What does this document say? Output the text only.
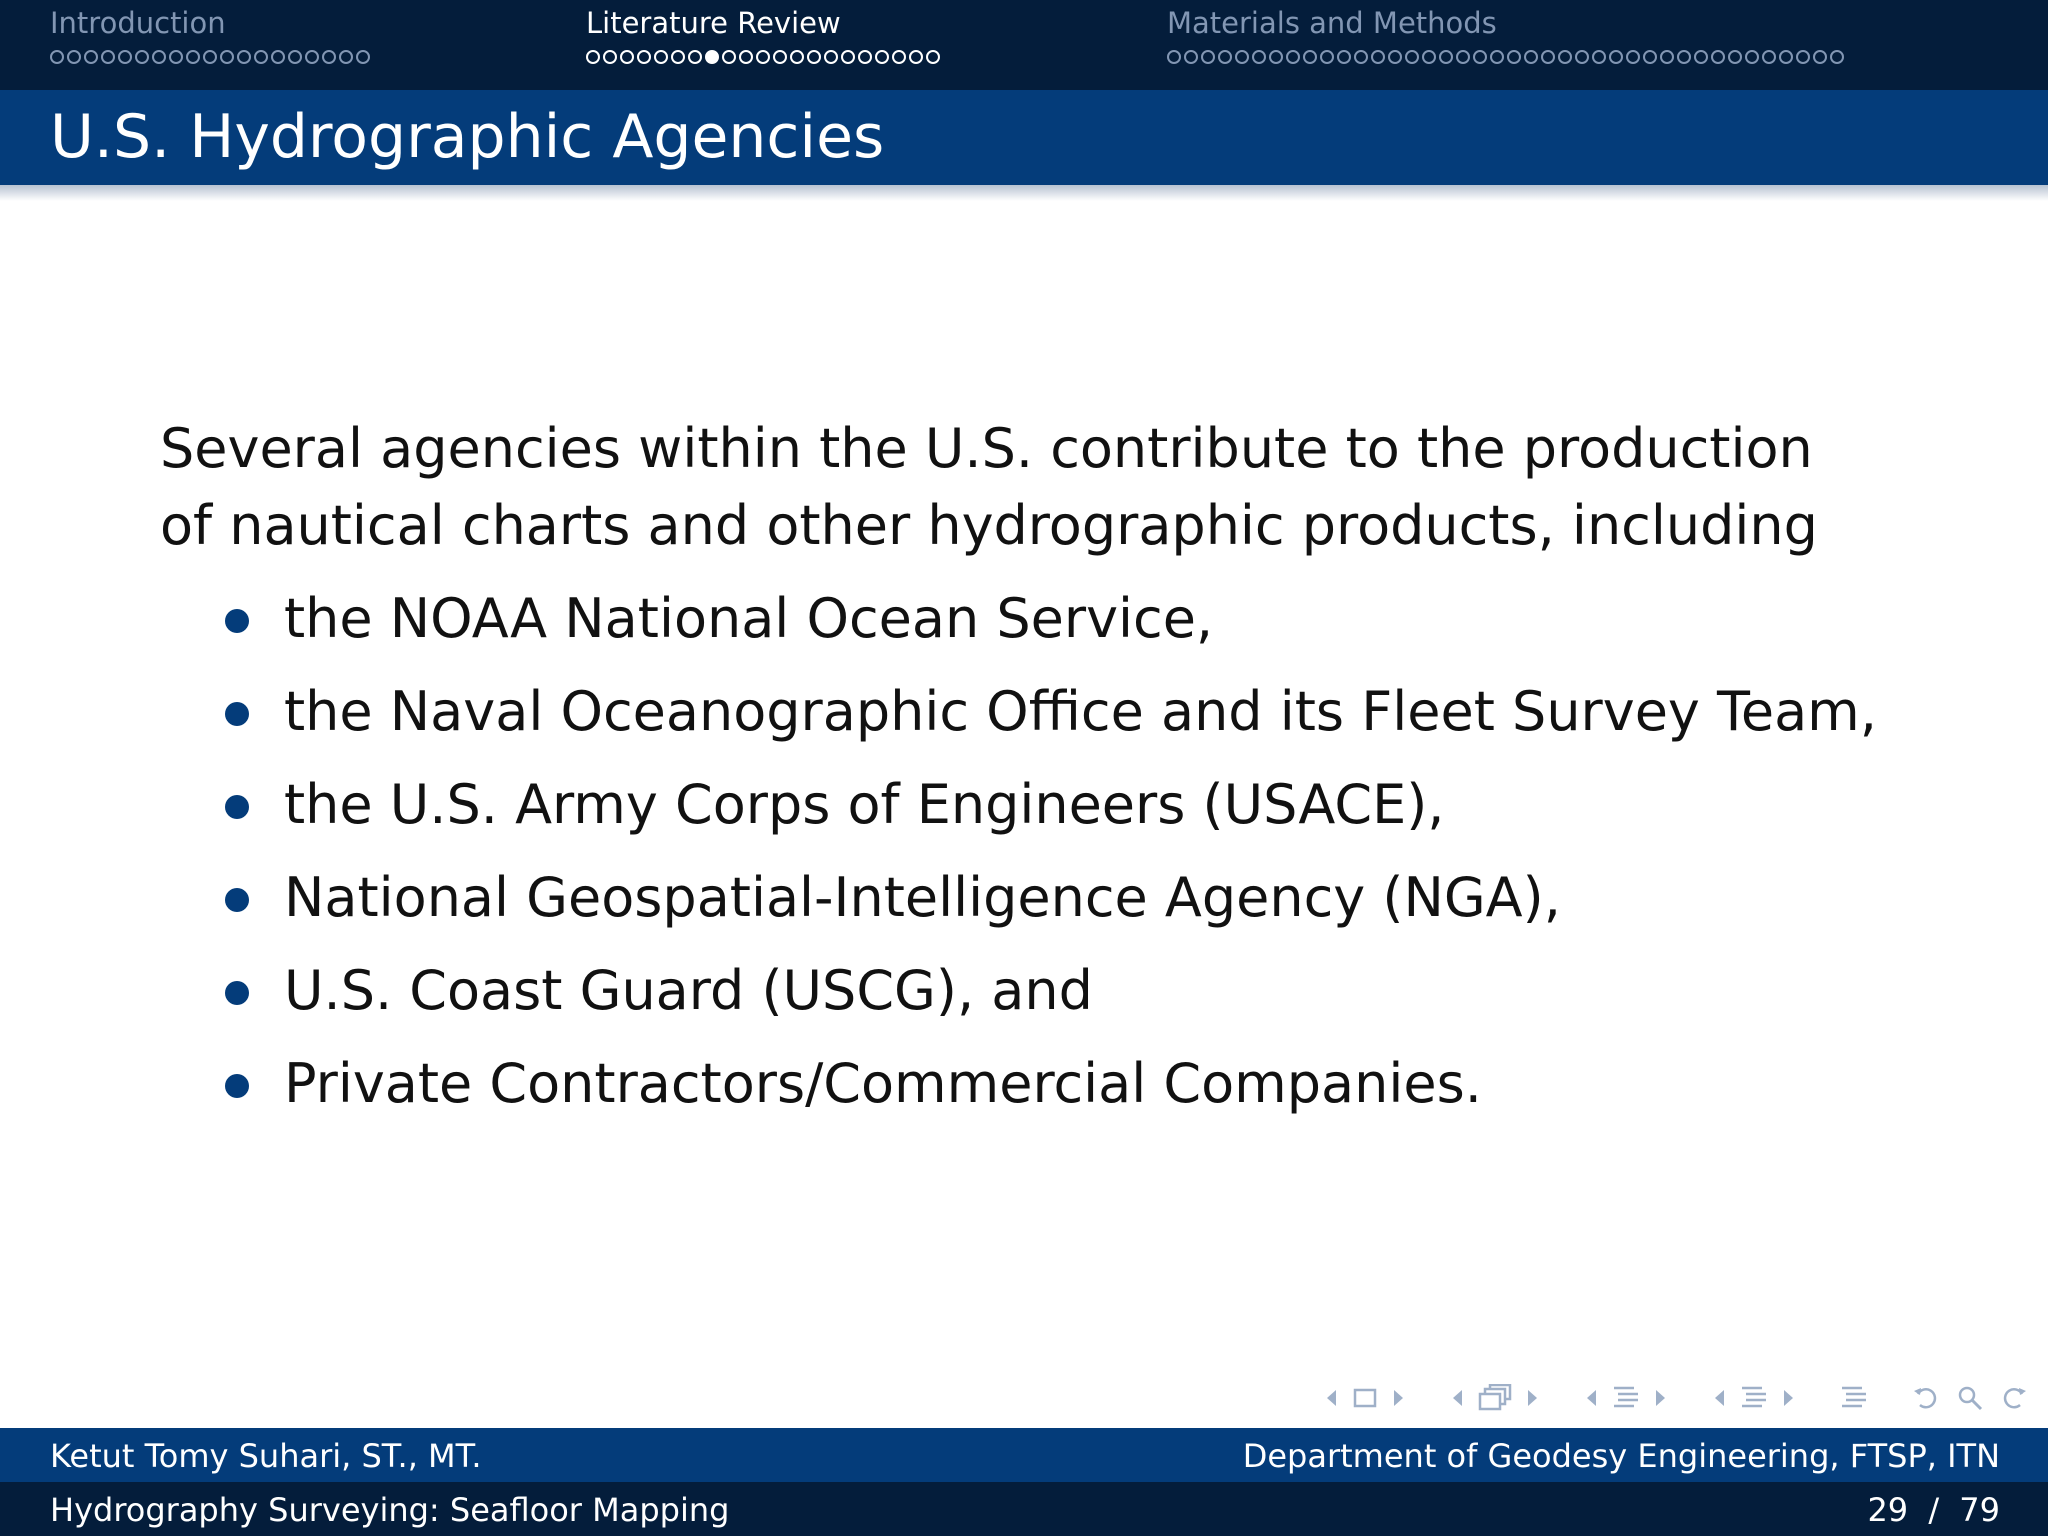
Introduction	Literature Review	Materials and Methods
U.S. Hydrographic Agencies

Several agencies within the U.S. contribute to the production of nautical charts and other hydrographic products, including

the NOAA National Ocean Service,
the Naval Oceanographic Office and its Fleet Survey Team,
the U.S. Army Corps of Engineers (USACE),
National Geospatial-Intelligence Agency (NGA),
U.S. Coast Guard (USCG), and
Private Contractors/Commercial Companies.
Ketut Tomy Suhari, ST., MT.	Department of Geodesy Engineering, FTSP, ITN
Hydrography Surveying: Seafloor Mapping	29 / 79
